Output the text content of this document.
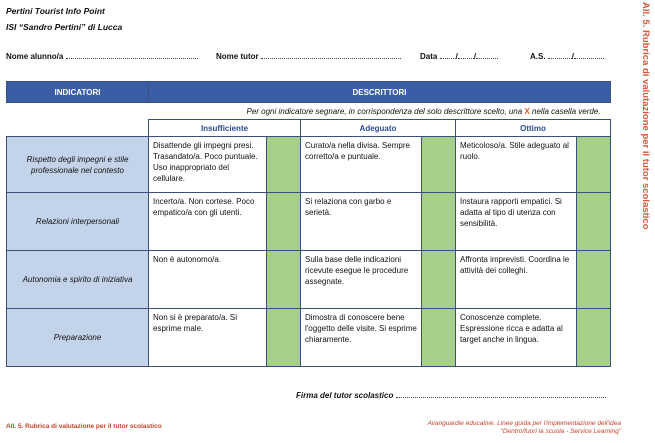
Pertini Tourist Info Point
ISI “Sandro Pertini” di Lucca
Nome alunno/a	Nome tutor	Data / /	A.S.	/	All. 5. Rubrica di valutazione per il tutor scolastico
INDICATORI	DESCRITTORI					
	Per ogni indicatore segnare, in corrispondenza del solo descrittore scelto, una X nella casella verde.					
	Insufficiente		Adeguato		Ottimo	
Rispetto degli impegni e stile professionale nel contesto	Disattende gli impegni presi. Trasandato/a. Poco puntuale. Uso inappropriato del cellulare.		Curato/a nella divisa. Sempre corretto/a e puntuale.		Meticoloso/a. Stile adeguato al ruolo.	
Relazioni interpersonali	Incerto/a. Non cortese. Poco empatico/a con gli utenti.		Si relaziona con garbo e serietà.		Instaura rapporti empatici. Si adatta al tipo di utenza con sensibilità.	
Autonomia e spirito di iniziativa	Non è autonomo/a.		Sulla base delle indicazioni ricevute esegue le procedure assegnate.		Affronta imprevisti. Coordina le attività dei colleghi.	
Preparazione	Non si è preparato/a. Si esprime male.		Dimostra di conoscere bene l'oggetto delle visite. Si esprime chiaramente.		Conoscenze complete. Espressione ricca e adatta al target anche in lingua.	
Firma del tutor scolastico
All. 5. Rubrica di valutazione per il tutor scolastico	Avanguardie educative. Linee guida per l'implementazione dell'idea
“Dentro/fuori la scuola - Service Learning”
